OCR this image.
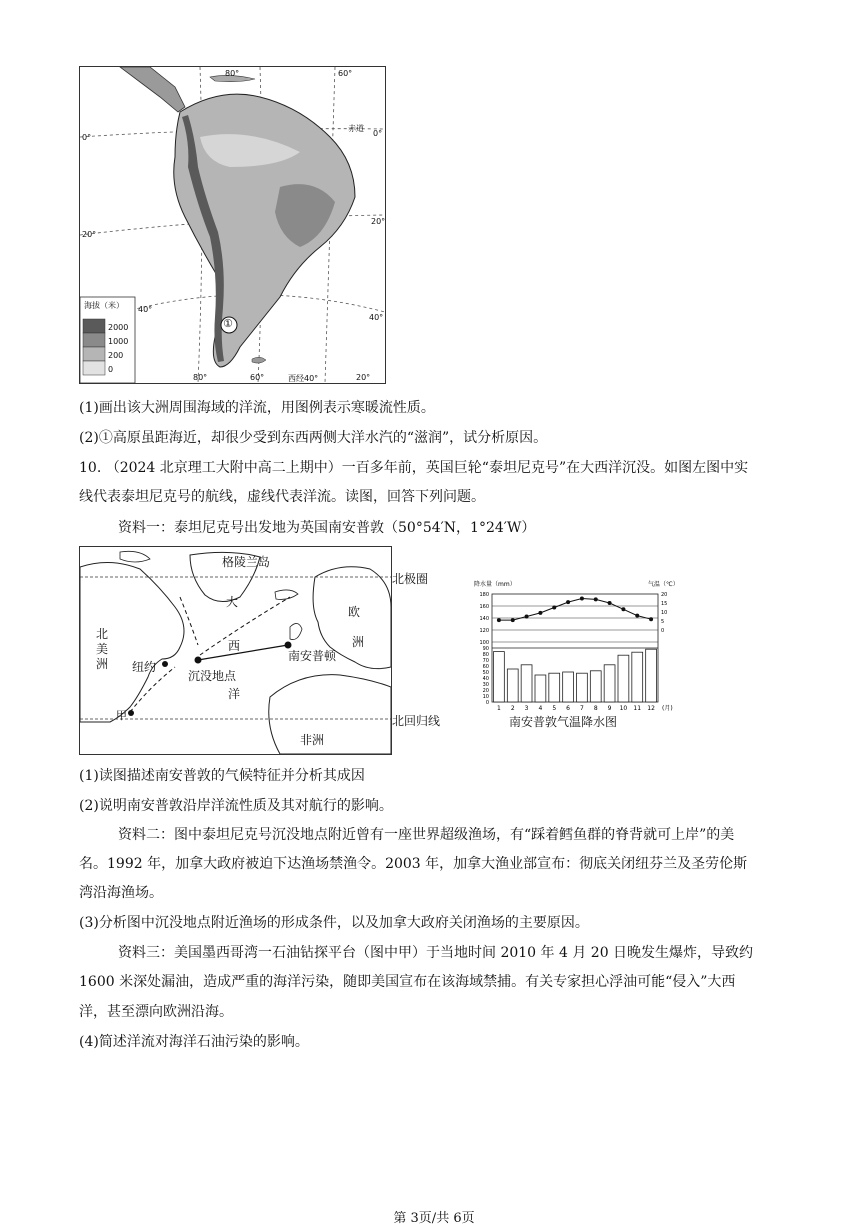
0°	0°
20°
20°
40°
40°
80°	60°
80°	60°
西经40°	20°
赤道
海拔（米）
2000
1000
200
0
①
(1)画出该大洲周围海域的洋流，用图例表示寒暖流性质。
(2)①高原虽距海近，却很少受到东西两侧大洋水汽的“滋润”，试分析原因。
10. （2024 北京理工大附中高二上期中）一百多年前，英国巨轮“泰坦尼克号”在大西洋沉没。如图左图中实
线代表泰坦尼克号的航线，虚线代表洋流。读图，回答下列问题。
资料一：泰坦尼克号出发地为英国南安普敦（50°54′N，1°24′W）
格陵兰岛
北
美
洲
大
西
洋
欧
洲
非洲
纽约
沉没地点
南安普顿
甲
北极圈
北回归线
0
10
20
30
40
50
60
70
80
90
100
120
140
160
180	20
15
10
5
0
1 2 3 4 5 6 7 8 9 10 11 12 (月)
降水量（mm）	气温（℃）
南安普敦气温降水图
(1)读图描述南安普敦的气候特征并分析其成因
(2)说明南安普敦沿岸洋流性质及其对航行的影响。
资料二：图中泰坦尼克号沉没地点附近曾有一座世界超级渔场，有“踩着鳕鱼群的脊背就可上岸”的美
名。1992 年，加拿大政府被迫下达渔场禁渔令。2003 年，加拿大渔业部宣布：彻底关闭纽芬兰及圣劳伦斯
湾沿海渔场。
(3)分析图中沉没地点附近渔场的形成条件，以及加拿大政府关闭渔场的主要原因。
资料三：美国墨西哥湾一石油钻探平台（图中甲）于当地时间 2010 年 4 月 20 日晚发生爆炸，导致约
1600 米深处漏油，造成严重的海洋污染，随即美国宣布在该海域禁捕。有关专家担心浮油可能“侵入”大西
洋，甚至漂向欧洲沿海。
(4)简述洋流对海洋石油污染的影响。
第 3页/共 6页
